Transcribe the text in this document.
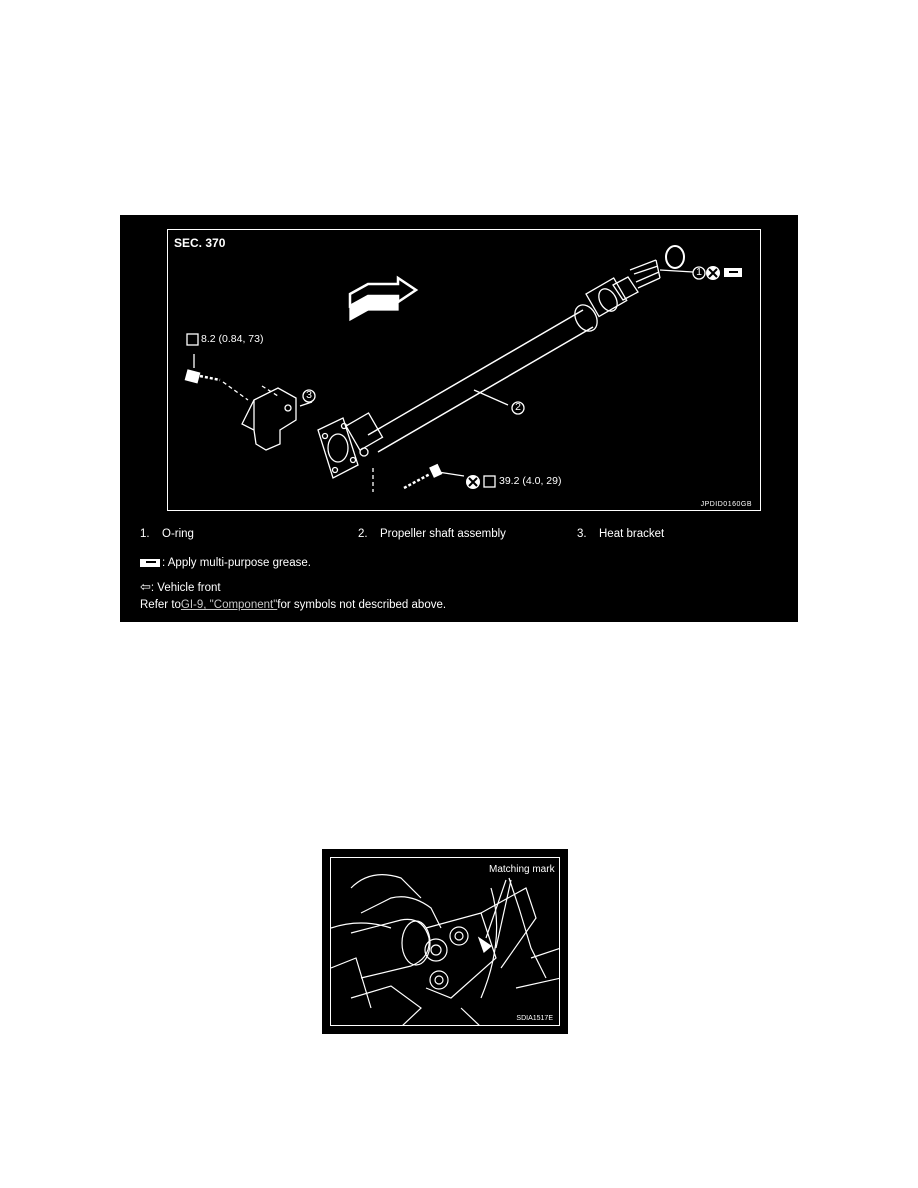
SEC. 370
3
2
1
8.2 (0.84, 73)
39.2 (4.0, 29)
JPDID0160GB
1. O-ring	2. Propeller shaft assembly	3. Heat bracket
: Apply multi-purpose grease.
⇦: Vehicle front
Refer toGI-9, "Component"for symbols not described above.
Matching mark
SDIA1517E
